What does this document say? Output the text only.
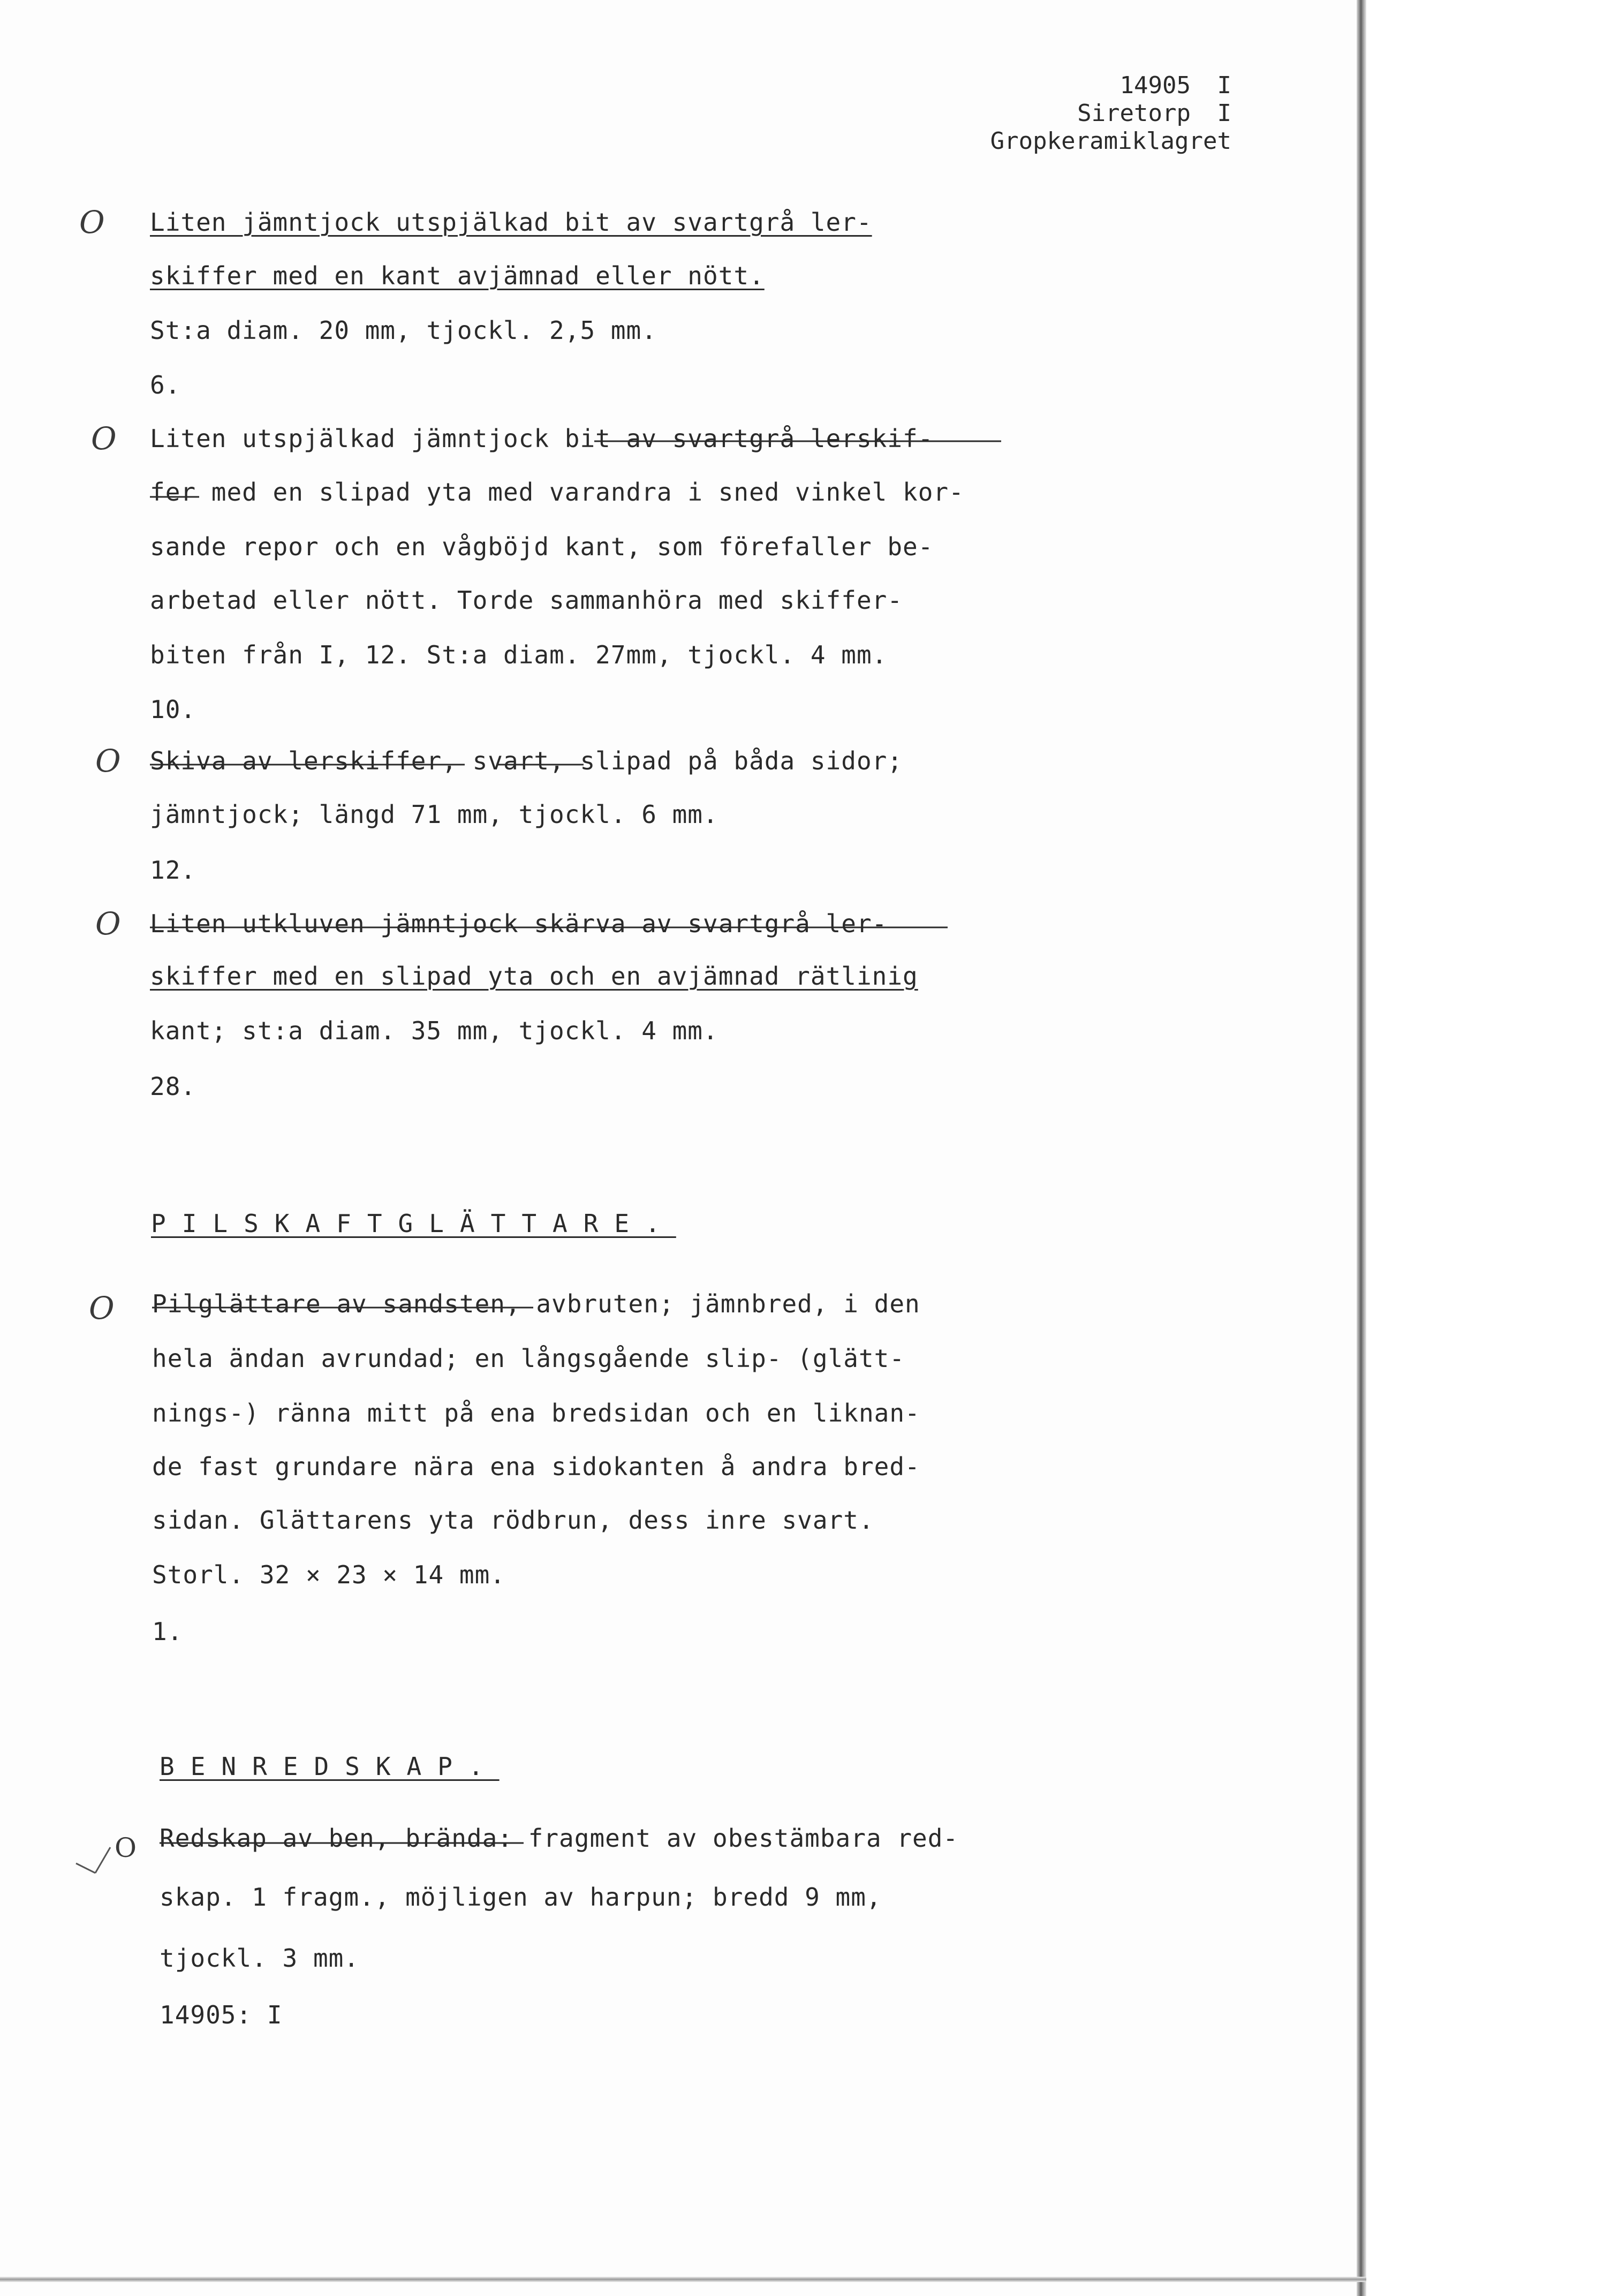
14905	I
Siretorp	I
Gropkeramiklagret
O Liten jämntjock utspjälkad bit av svartgrå ler-
skiffer med en kant avjämnad eller nött.
St:a diam. 20 mm, tjockl. 2,5 mm.
6.
O Liten utspjälkad jämntjock bit av svartgrå lerskif-
fer med en slipad yta med varandra i sned vinkel kor-
sande repor och en vågböjd kant, som förefaller be-
arbetad eller nött. Torde sammanhöra med skiffer-
biten från I, 12. St:a diam. 27mm, tjockl. 4 mm.
10.
O Skiva av lerskiffer, svart, slipad på båda sidor;
jämntjock; längd 71 mm, tjockl. 6 mm.
12.
O Liten utkluven jämntjock skärva av svartgrå ler-
skiffer med en slipad yta och en avjämnad rätlinig
kant; st:a diam. 35 mm, tjockl. 4 mm.
28.
PILSKAFTGLÄTTARE.
O Pilglättare av sandsten, avbruten; jämnbred, i den
hela ändan avrundad; en långsgående slip- (glätt-
nings-) ränna mitt på ena bredsidan och en liknan-
de fast grundare nära ena sidokanten å andra bred-
sidan. Glättarens yta rödbrun, dess inre svart.
Storl. 32 × 23 × 14 mm.
1.
BENREDSKAP.
O Redskap av ben, brända: fragment av obestämbara red-
skap. 1 fragm., möjligen av harpun; bredd 9 mm,
tjockl. 3 mm.
14905: I
